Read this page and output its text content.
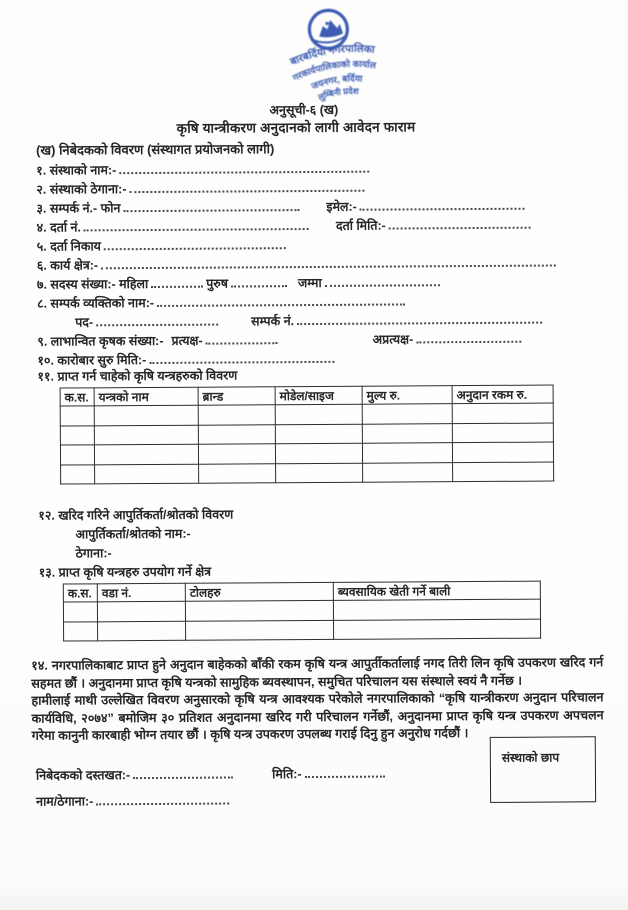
बारबर्दिया नगरपालिका
नगरकार्यपालिकाको कार्यालय
जयनगर, बर्दिया
लुम्बिनी प्रदेश
अनुसूची-६ (ख)
कृषि यान्त्रीकरण अनुदानको लागी आवेदन फाराम
(ख) निबेदकको विवरण (संस्थागत प्रयोजनको लागी)
१. संस्थाको नाम:-
२. संस्थाको ठेगाना:-
३. सम्पर्क नं.- फोन	इमेल:-
४. दर्ता नं.	दर्ता मिति:-
५. दर्ता निकाय
६. कार्य क्षेत्र:-
७. सदस्य संख्या:- महिला	पुरुष	जम्मा
८. सम्पर्क व्यक्तिको नाम:-
पद-	सम्पर्क नं.
९. लाभान्वित कृषक संख्या:- प्रत्यक्ष-	अप्रत्यक्ष-
१०. कारोबार सुरु मिति:-
११. प्राप्त गर्न चाहेको कृषि यन्त्रहरुको विवरण
क.स.	यन्त्रको नाम	ब्रान्ड	मोडेल/साइज	मुल्य रु.	अनुदान रकम रु.

१२. खरिद गरिने आपुर्तिकर्ता/श्रोतको विवरण
आपुर्तिकर्ता/श्रोतको नाम:-
ठेगाना:-
१३. प्राप्त कृषि यन्त्रहरु उपयोग गर्ने क्षेत्र
क.स.	वडा नं.	टोलहरु	ब्यवसायिक खेती गर्ने बाली

१४. नगरपालिकाबाट प्राप्त हुने अनुदान बाहेकको बाँकी रकम कृषि यन्त्र आपुर्तीकर्तालाई नगद तिरी लिन कृषि उपकरण खरिद गर्न सहमत छौं । अनुदानमा प्राप्त कृषि यन्त्रको सामुहिक ब्यवस्थापन, समुचित परिचालन यस संस्थाले स्वयं नै गर्नेछ ।
हामीलाई माथी उल्लेखित विवरण अनुसारको कृषि यन्त्र आवश्यक परेकोले नगरपालिकाको “कृषि यान्त्रीकरण अनुदान परिचालन कार्यविधि, २०७४” बमोजिम ३० प्रतिशत अनुदानमा खरिद गरी परिचालन गर्नेछौं, अनुदानमा प्राप्त कृषि यन्त्र उपकरण अपचलन गरेमा कानुनी कारबाही भोग्न तयार छौं । कृषि यन्त्र उपकरण उपलब्ध गराई दिनु हुन अनुरोध गर्दछौं ।
निबेदकको दस्तखत:-	मिति:-
नाम/ठेगाना:-
संस्थाको छाप
